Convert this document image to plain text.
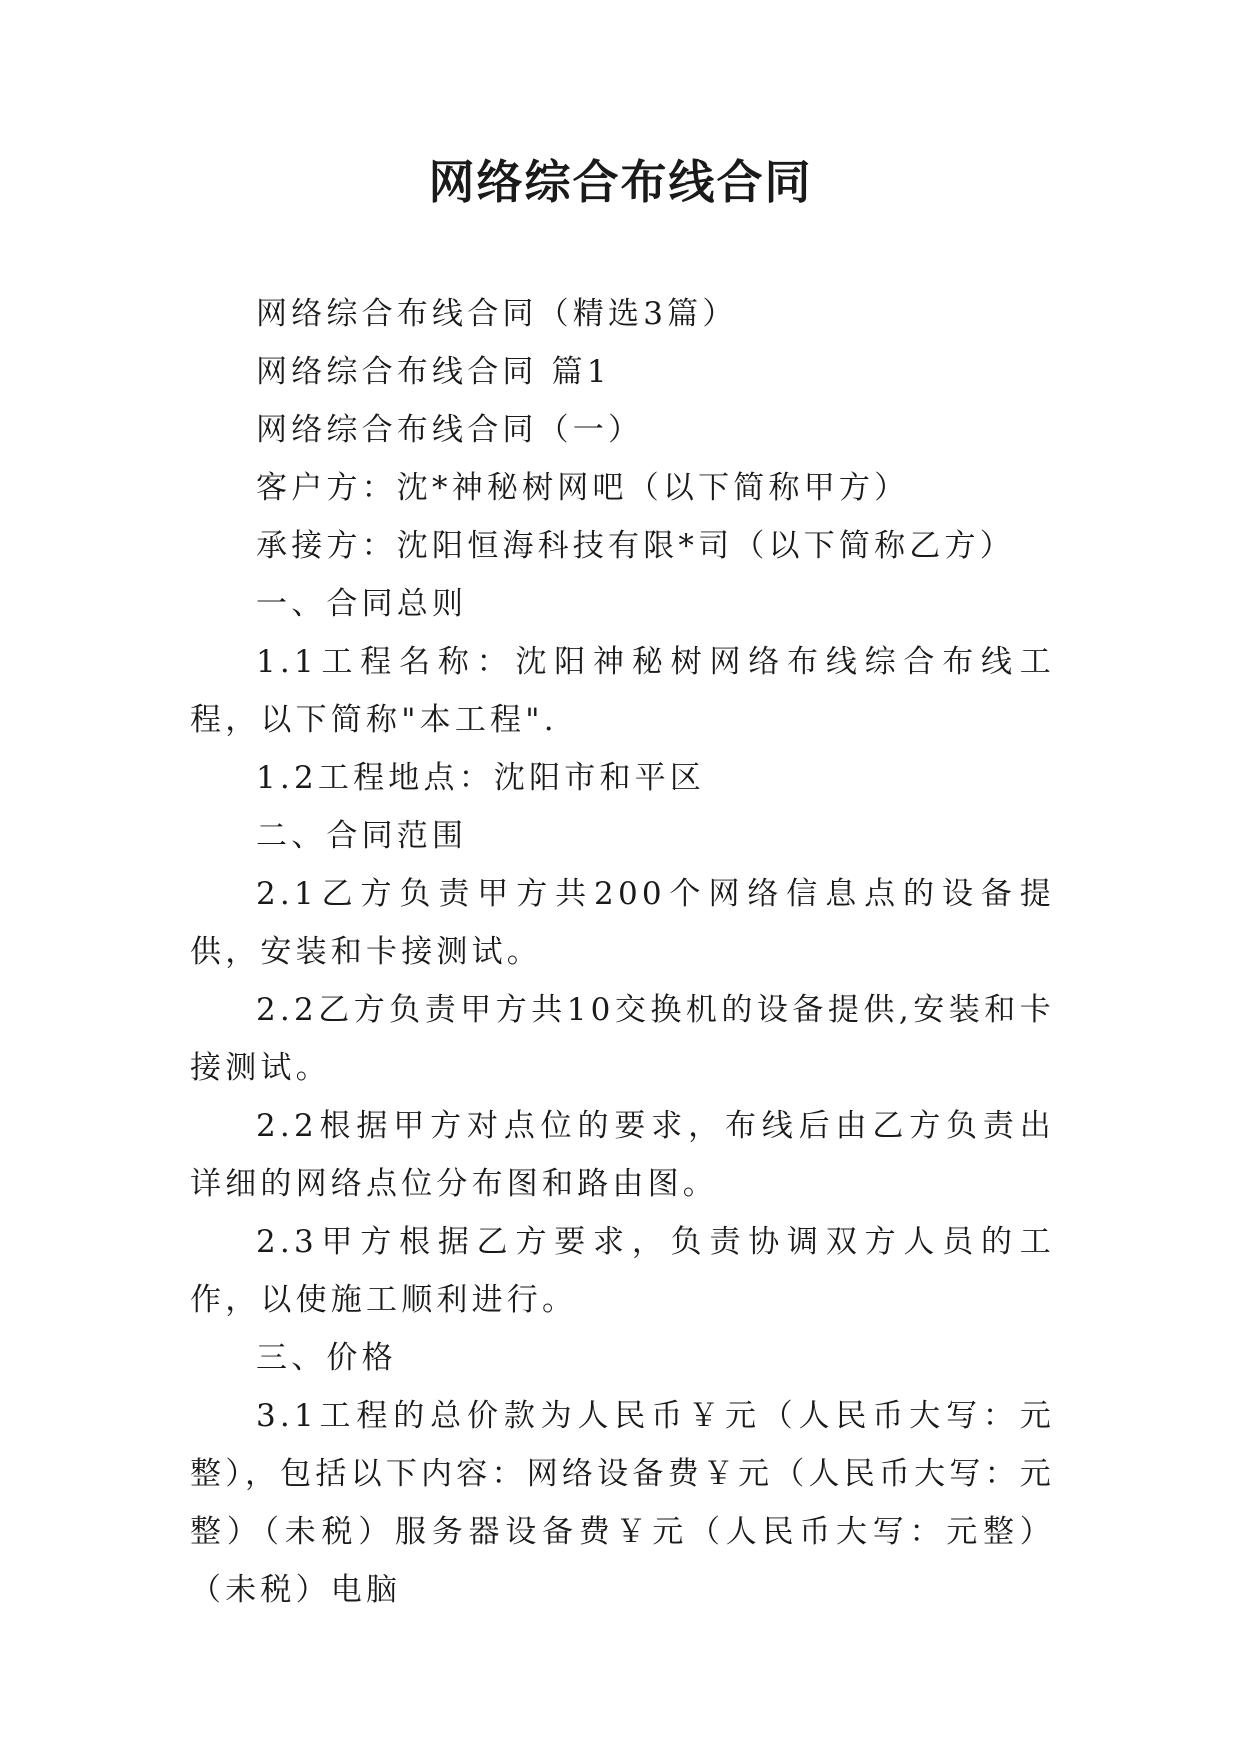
网络综合布线合同

网络综合布线合同（精选3篇）

网络综合布线合同 篇1

网络综合布线合同（一）

客户方：沈*神秘树网吧（以下简称甲方）

承接方：沈阳恒海科技有限*司（以下简称乙方）

一、合同总则

1.1工程名称：沈阳神秘树网络布线综合布线工程，以下简称"本工程".

1.2工程地点：沈阳市和平区

二、合同范围

2.1乙方负责甲方共200个网络信息点的设备提供，安装和卡接测试。

2.2乙方负责甲方共10交换机的设备提供,安装和卡接测试。

2.2根据甲方对点位的要求，布线后由乙方负责出详细的网络点位分布图和路由图。

2.3甲方根据乙方要求，负责协调双方人员的工作，以使施工顺利进行。

三、价格

3.1工程的总价款为人民币￥元（人民币大写：元整），包括以下内容：网络设备费￥元（人民币大写：元整）（未税）服务器设备费￥元（人民币大写：元整）（未税）电脑
